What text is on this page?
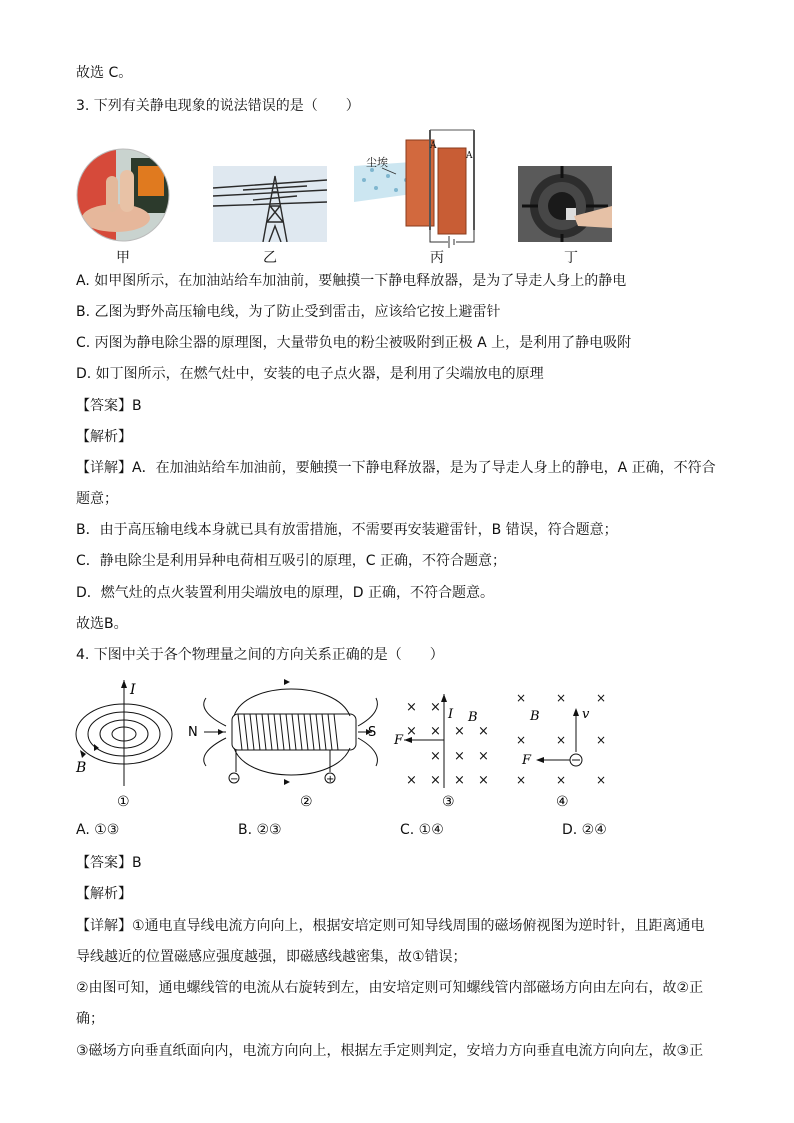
故选 C。
3. 下列有关静电现象的说法错误的是（　　）
甲	乙
A
A
尘埃
丙	丁
A. 如甲图所示，在加油站给车加油前，要触摸一下静电释放器，是为了导走人身上的静电
B. 乙图为野外高压输电线，为了防止受到雷击，应该给它按上避雷针
C. 丙图为静电除尘器的原理图，大量带负电的粉尘被吸附到正极 A 上，是利用了静电吸附
D. 如丁图所示，在燃气灶中，安装的电子点火器，是利用了尖端放电的原理
【答案】B
【解析】
【详解】A．在加油站给车加油前，要触摸一下静电释放器，是为了导走人身上的静电，A 正确，不符合
题意；
B．由于高压输电线本身就已具有放雷措施，不需要再安装避雷针，B 错误，符合题意；
C．静电除尘是利用异种电荷相互吸引的原理，C 正确，不符合题意；
D．燃气灶的点火装置利用尖端放电的原理，D 正确，不符合题意。
故选B。
4. 下图中关于各个物理量之间的方向关系正确的是（　　）
I
B
①
−	+
N	S
②
× ×
× × × ×
× × ×
× × × ×
I B
F
③
× × ×
× × ×
× × ×
B	v
F
④
A. ①③	B. ②③	C. ①④	D. ②④
【答案】B
【解析】
【详解】①通电直导线电流方向向上，根据安培定则可知导线周围的磁场俯视图为逆时针，且距离通电
导线越近的位置磁感应强度越强，即磁感线越密集，故①错误；
②由图可知，通电螺线管的电流从右旋转到左，由安培定则可知螺线管内部磁场方向由左向右，故②正
确；
③磁场方向垂直纸面向内，电流方向向上，根据左手定则判定，安培力方向垂直电流方向向左，故③正
